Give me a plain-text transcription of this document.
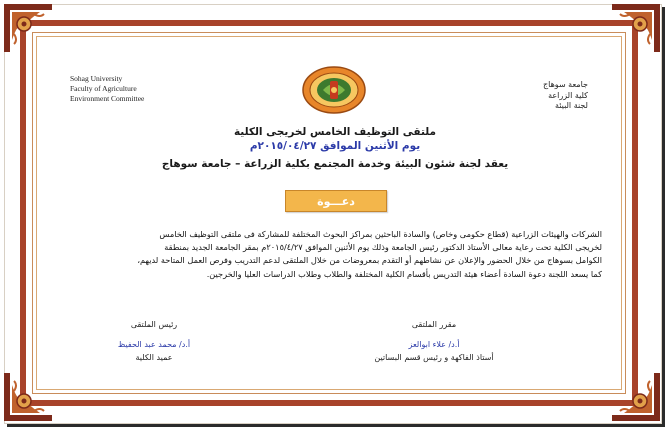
Sohag University
Faculty of Agriculture
Environment Committee
جامعة سوهاج
كلية الزراعة
لجنة البيئة
ملتقى التوظيف الخامس لخريجى الكلية
يوم الأثنين الموافق ٢٠١٥/٠٤/٢٧م
يعقد لجنة شئون البيئة وخدمة المجتمع بكلية الزراعة – جامعة سوهاج
دعـــوة
الشركات والهيئات الزراعية (قطاع حكومى وخاص) والسادة الباحثين بمراكز البحوث المختلفة للمشاركة فى ملتقى التوظيف الخامس
لخريجى الكلية تحت رعاية معالى الأستاذ الدكتور رئيس الجامعة وذلك يوم الأثنين الموافق ٢٠١٥/٤/٢٧م بمقر الجامعة الجديد بمنطقة
الكوامل بسوهاج من خلال الحضور والإعلان عن نشاطهم أو التقدم بمعروضات من خلال الملتقى لدعم التدريب وفرص العمل المتاحة لديهم،
كما يسعد اللجنة دعوة السادة أعضاء هيئة التدريس بأقسام الكلية المختلفة والطلاب وطلاب الدراسات العليا والخرجين.
رئيس الملتقى
أ.د/ محمد عبد الحفيظ
عميد الكلية
مقرر الملتقى
أ.د/ علاء ابوالعز
أستاذ الفاكهة و رئيس قسم البساتين
